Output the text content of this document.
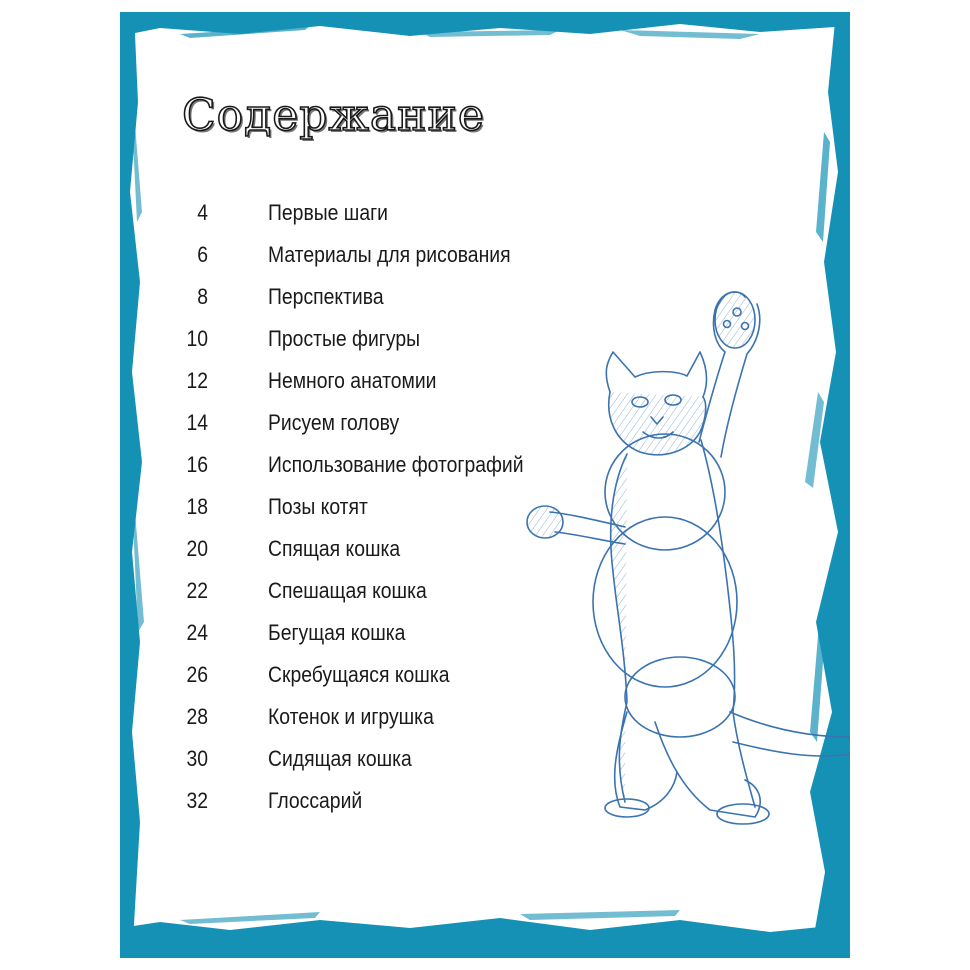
Содержание
4	Первые шаги
6	Материалы для рисования
8	Перспектива
10	Простые фигуры
12	Немного анатомии
14	Рисуем голову
16	Использование фотографий
18	Позы котят
20	Спящая кошка
22	Спешащая кошка
24	Бегущая кошка
26	Скребущаяся кошка
28	Котенок и игрушка
30	Сидящая кошка
32	Глоссарий
